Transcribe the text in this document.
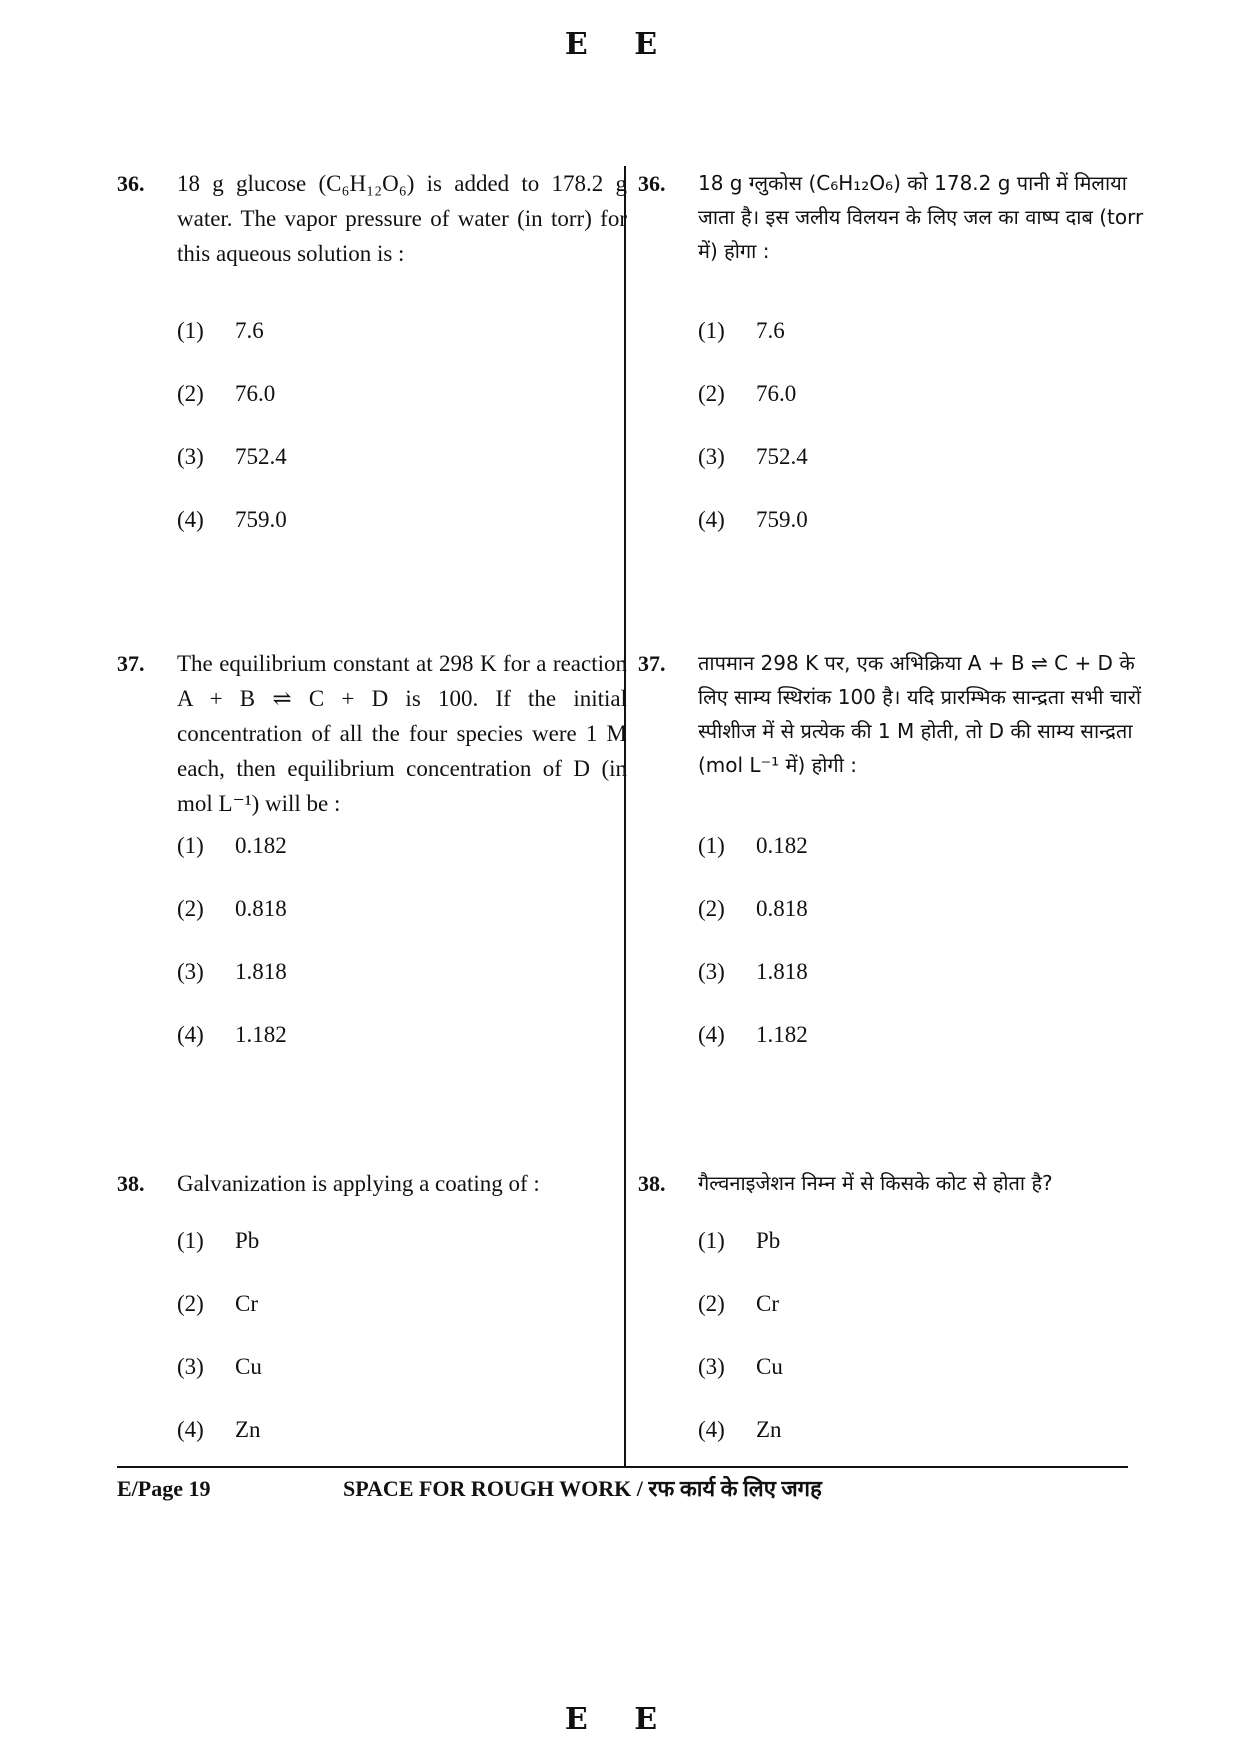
E E
36. 18 g glucose (C₆H₁₂O₆) is added to 178.2 g water. The vapor pressure of water (in torr) for this aqueous solution is :
(1) 7.6
(2) 76.0
(3) 752.4
(4) 759.0
37. The equilibrium constant at 298 K for a reaction A + B ⇌ C + D is 100. If the initial concentration of all the four species were 1 M each, then equilibrium concentration of D (in mol L⁻¹) will be :
(1) 0.182
(2) 0.818
(3) 1.818
(4) 1.182
38. Galvanization is applying a coating of :
(1) Pb
(2) Cr
(3) Cu
(4) Zn
36. 18 g ग्लुकोस (C₆H₁₂O₆) को 178.2 g पानी में मिलाया जाता है। इस जलीय विलयन के लिए जल का वाष्प दाब (torr में) होगा :
(1) 7.6
(2) 76.0
(3) 752.4
(4) 759.0
37. तापमान 298 K पर, एक अभिक्रिया A + B ⇌ C + D के लिए साम्य स्थिरांक 100 है। यदि प्रारम्भिक सान्द्रता सभी चारों स्पीशीज में से प्रत्येक की 1 M होती, तो D की साम्य सान्द्रता (mol L⁻¹ में) होगी :
(1) 0.182
(2) 0.818
(3) 1.818
(4) 1.182
38. गैल्वनाइजेशन निम्न में से किसके कोट से होता है?
(1) Pb
(2) Cr
(3) Cu
(4) Zn
E/Page 19	SPACE FOR ROUGH WORK / रफ कार्य के लिए जगह
E E
